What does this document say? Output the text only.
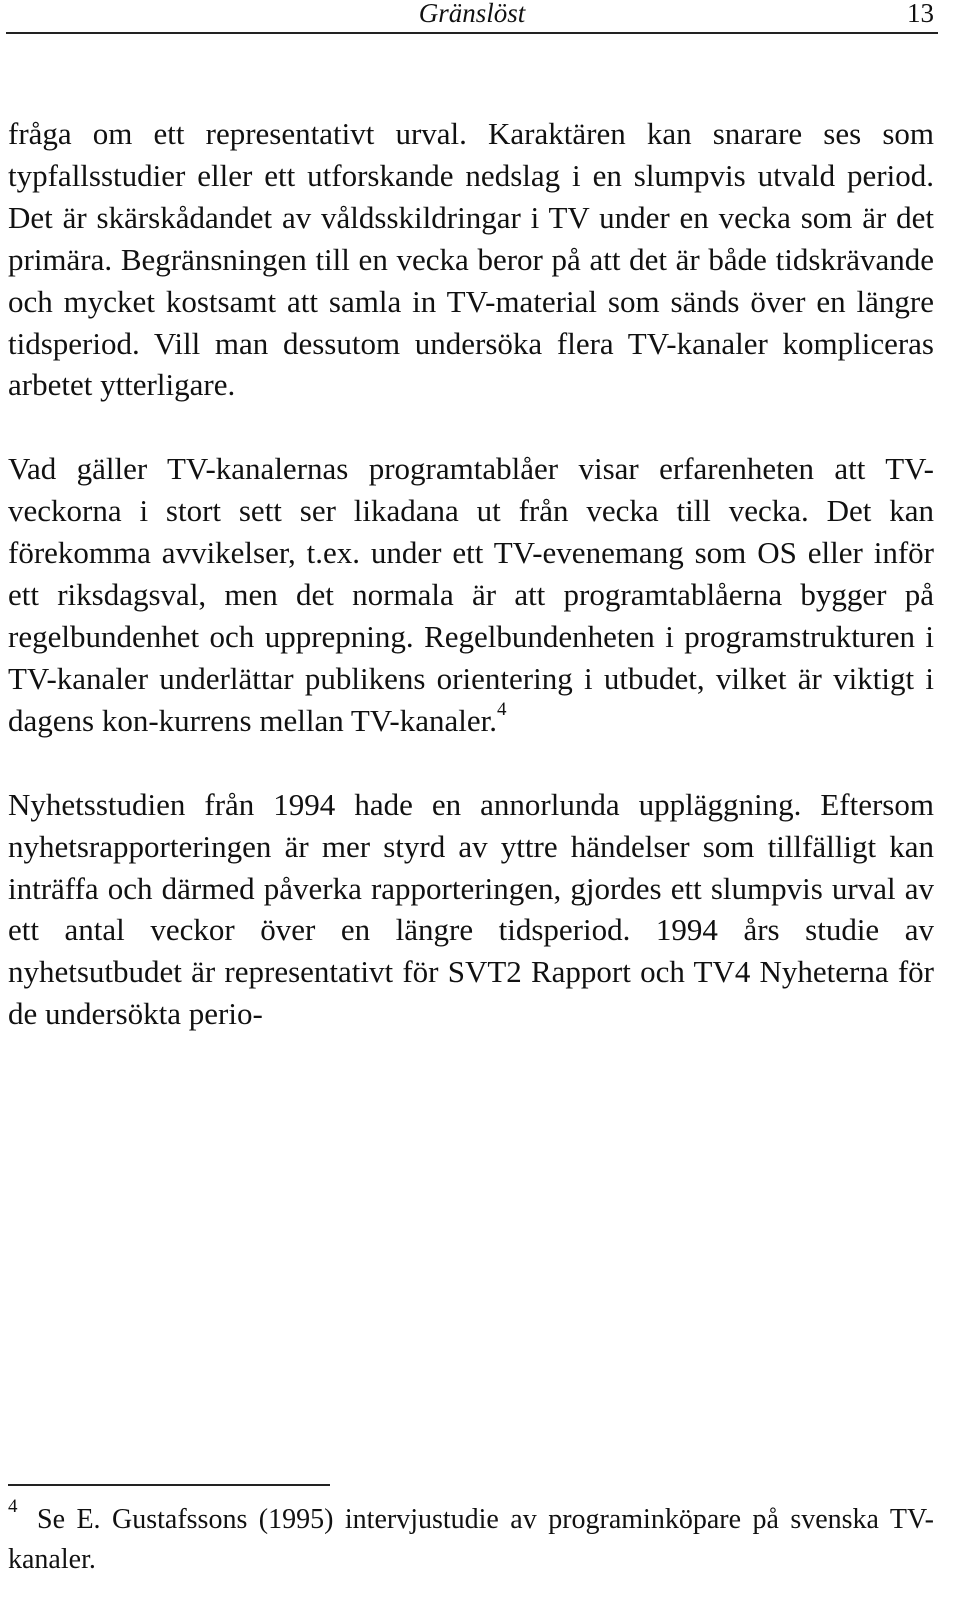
Gränslöst	13

fråga om ett representativt urval. Karaktären kan snarare ses som typfallsstudier eller ett utforskande nedslag i en slumpvis utvald period. Det är skärskådandet av våldsskildringar i TV under en vecka som är det primära. Begränsningen till en vecka beror på att det är både tidskrävande och mycket kostsamt att samla in TV-material som sänds över en längre tidsperiod. Vill man dessutom undersöka flera TV-kanaler kompliceras arbetet ytterligare.

Vad gäller TV-kanalernas programtablåer visar erfarenheten att TV-veckorna i stort sett ser likadana ut från vecka till vecka. Det kan förekomma avvikelser, t.ex. under ett TV-evenemang som OS eller inför ett riksdagsval, men det normala är att programtablåerna bygger på regelbundenhet och upprepning. Regelbundenheten i programstrukturen i TV-kanaler underlättar publikens orientering i utbudet, vilket är viktigt i dagens kon-kurrens mellan TV-kanaler.$^4$

Nyhetsstudien från 1994 hade en annorlunda uppläggning. Eftersom nyhetsrapporteringen är mer styrd av yttre händelser som tillfälligt kan inträffa och därmed påverka rapporteringen, gjordes ett slumpvis urval av ett antal veckor över en längre tidsperiod. 1994 års studie av nyhetsutbudet är representativt för SVT2 Rapport och TV4 Nyheterna för de undersökta perio-

4 Se E. Gustafssons (1995) intervjustudie av programinköpare på svenska TV-kanaler.
